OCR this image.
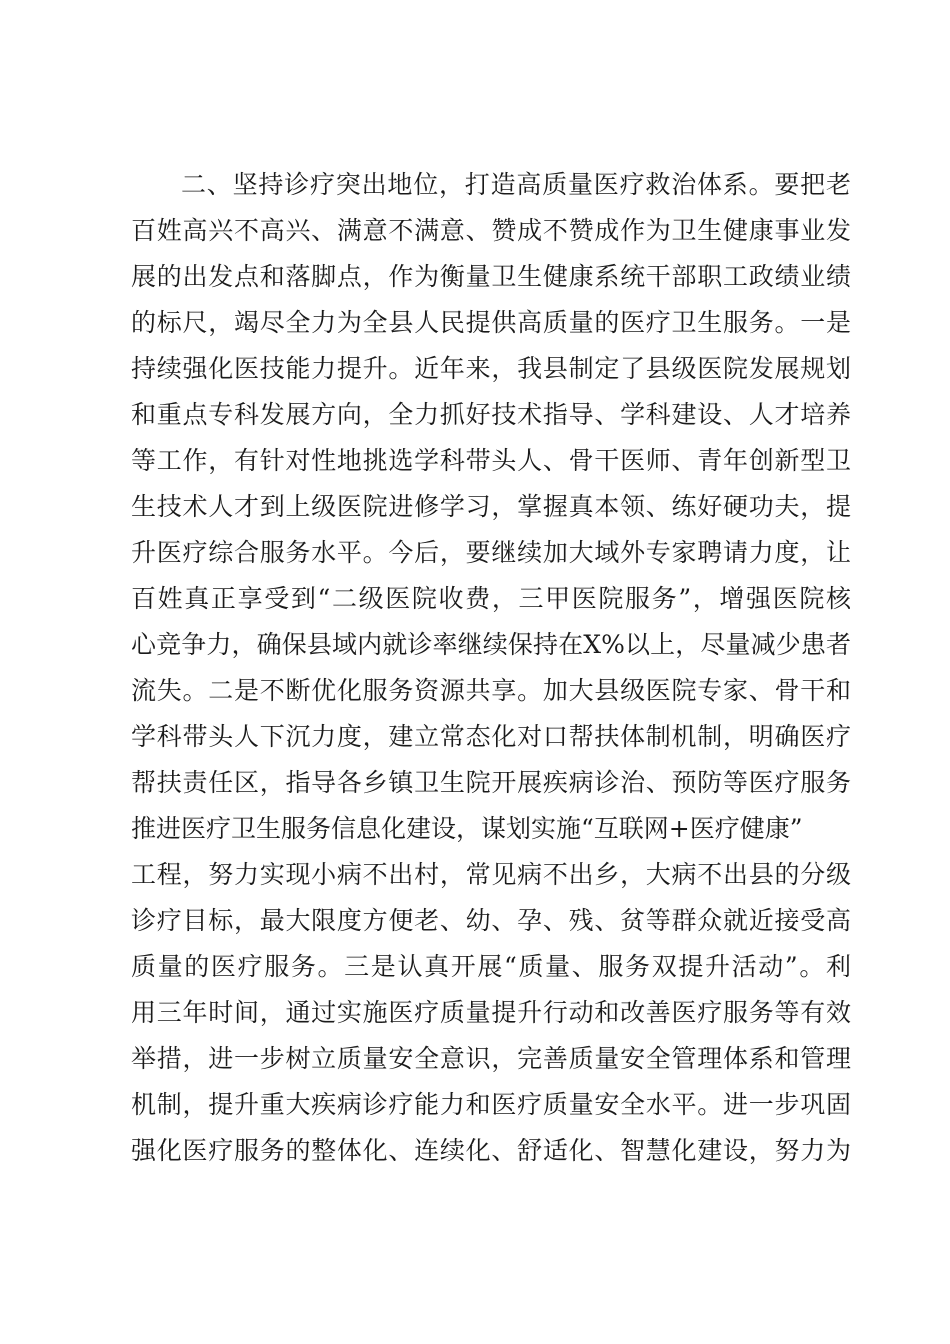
二、坚持诊疗突出地位，打造高质量医疗救治体系。要把老
百姓高兴不高兴、满意不满意、赞成不赞成作为卫生健康事业发
展的出发点和落脚点，作为衡量卫生健康系统干部职工政绩业绩
的标尺，竭尽全力为全县人民提供高质量的医疗卫生服务。一是
持续强化医技能力提升。近年来，我县制定了县级医院发展规划
和重点专科发展方向，全力抓好技术指导、学科建设、人才培养
等工作，有针对性地挑选学科带头人、骨干医师、青年创新型卫
生技术人才到上级医院进修学习，掌握真本领、练好硬功夫，提
升医疗综合服务水平。今后，要继续加大域外专家聘请力度，让
百姓真正享受到“二级医院收费，三甲医院服务”，增强医院核
心竞争力，确保县域内就诊率继续保持在X%以上，尽量减少患者
流失。二是不断优化服务资源共享。加大县级医院专家、骨干和
学科带头人下沉力度，建立常态化对口帮扶体制机制，明确医疗
帮扶责任区，指导各乡镇卫生院开展疾病诊治、预防等医疗服务
推进医疗卫生服务信息化建设，谋划实施“互联网+医疗健康”
工程，努力实现小病不出村，常见病不出乡，大病不出县的分级
诊疗目标，最大限度方便老、幼、孕、残、贫等群众就近接受高
质量的医疗服务。三是认真开展“质量、服务双提升活动”。利
用三年时间，通过实施医疗质量提升行动和改善医疗服务等有效
举措，进一步树立质量安全意识，完善质量安全管理体系和管理
机制，提升重大疾病诊疗能力和医疗质量安全水平。进一步巩固
强化医疗服务的整体化、连续化、舒适化、智慧化建设，努力为
